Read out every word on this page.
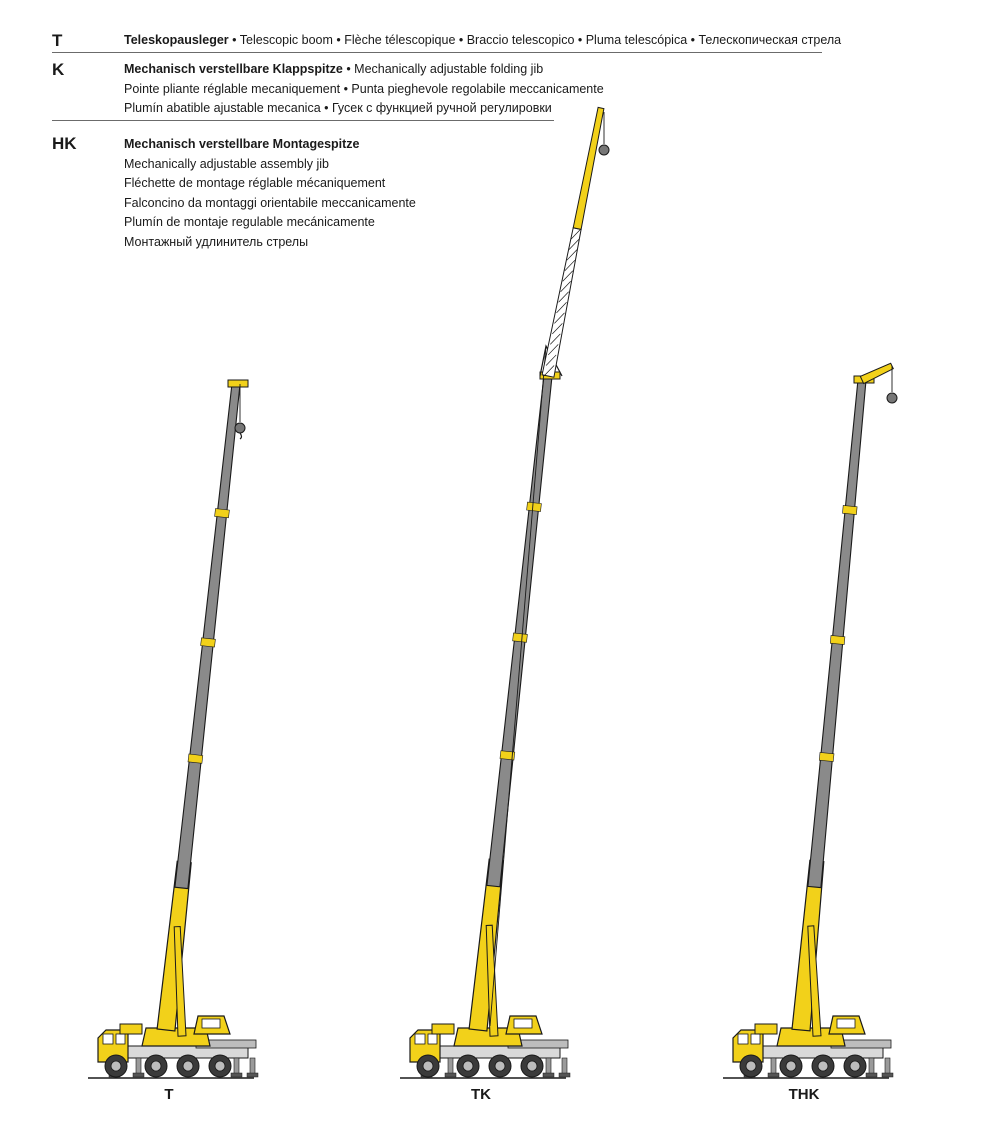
T	Teleskopausleger • Telescopic boom • Flèche télescopique • Braccio telescopico • Pluma telescópica • Телескопическая стрела
K	Mechanisch verstellbare Klappspitze • Mechanically adjustable folding jib
Pointe pliante réglable mecaniquement • Punta pieghevole regolabile meccanicamente
Plumín abatible ajustable mecanica • Гусек с функцией ручной регулировки
HK	Mechanisch verstellbare Montagespitze
Mechanically adjustable assembly jib
Fléchette de montage réglable mécaniquement
Falconcino da montaggi orientabile meccanicamente
Plumín de montaje regulable mecánicamente
Монтажный удлинитель стрелы
T	TK	THK
